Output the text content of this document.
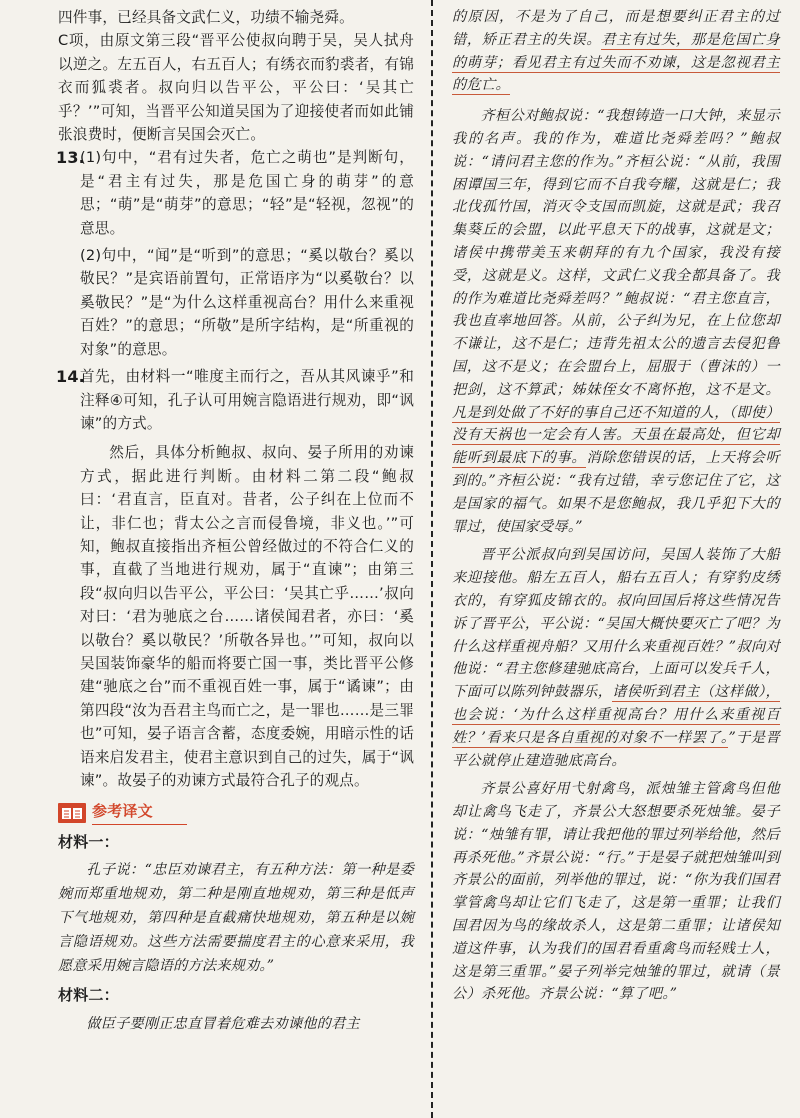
四件事，已经具备文武仁义，功绩不输尧舜。

C项，由原文第三段“晋平公使叔向聘于吴，吴人拭舟以逆之。左五百人，右五百人；有绣衣而豹裘者，有锦衣而狐裘者。叔向归以告平公，平公曰：‘吴其亡乎？’”可知，当晋平公知道吴国为了迎接使者而如此铺张浪费时，便断言吴国会灭亡。

13.

(1)句中，“君有过失者，危亡之萌也”是判断句，是“君主有过失，那是危国亡身的萌芽”的意思；“萌”是“萌芽”的意思；“轻”是“轻视，忽视”的意思。

(2)句中，“闻”是“听到”的意思；“奚以敬台？奚以敬民？”是宾语前置句，正常语序为“以奚敬台？以奚敬民？”是“为什么这样重视高台？用什么来重视百姓？”的意思；“所敬”是所字结构，是“所重视的对象”的意思。

14.

首先，由材料一“唯度主而行之，吾从其风谏乎”和注释④可知，孔子认可用婉言隐语进行规劝，即“讽谏”的方式。

然后，具体分析鲍叔、叔向、晏子所用的劝谏方式，据此进行判断。由材料二第二段“鲍叔曰：‘君直言，臣直对。昔者，公子纠在上位而不让，非仁也；背太公之言而侵鲁境，非义也。’”可知，鲍叔直接指出齐桓公曾经做过的不符合仁义的事，直截了当地进行规劝，属于“直谏”；由第三段“叔向归以告平公，平公曰：‘吴其亡乎……’叔向对曰：‘君为驰底之台……诸侯闻君者，亦曰：‘奚以敬台？奚以敬民？’所敬各异也。’”可知，叔向以吴国装饰豪华的船而将要亡国一事，类比晋平公修建“驰底之台”而不重视百姓一事，属于“谲谏”；由第四段“汝为吾君主鸟而亡之，是一罪也……是三罪也”可知，晏子语言含蓄，态度委婉，用暗示性的话语来启发君主，使君主意识到自己的过失，属于“讽谏”。故晏子的劝谏方式最符合孔子的观点。

参考译文
材料一：

孔子说：“忠臣劝谏君主，有五种方法：第一种是委婉而郑重地规劝，第二种是刚直地规劝，第三种是低声下气地规劝，第四种是直截痛快地规劝，第五种是以婉言隐语规劝。这些方法需要揣度君主的心意来采用，我愿意采用婉言隐语的方法来规劝。”

材料二：

做臣子要刚正忠直冒着危难去劝谏他的君主

的原因，不是为了自己，而是想要纠正君主的过错，矫正君主的失误。君主有过失，那是危国亡身的萌芽；看见君主有过失而不劝谏，这是忽视君主的危亡。

齐桓公对鲍叔说：“我想铸造一口大钟，来显示我的名声。我的作为，难道比尧舜差吗？”鲍叔说：“请问君主您的作为。”齐桓公说：“从前，我围困谭国三年，得到它而不自我夸耀，这就是仁；我北伐孤竹国，消灭令支国而凯旋，这就是武；我召集葵丘的会盟，以此平息天下的战事，这就是文；诸侯中携带美玉来朝拜的有九个国家，我没有接受，这就是义。这样，文武仁义我全都具备了。我的作为难道比尧舜差吗？”鲍叔说：“君主您直言，我也直率地回答。从前，公子纠为兄，在上位您却不谦让，这不是仁；违背先祖太公的遗言去侵犯鲁国，这不是义；在会盟台上，屈服于（曹沫的）一把剑，这不算武；姊妹侄女不离怀抱，这不是文。凡是到处做了不好的事自己还不知道的人，（即使）没有天祸也一定会有人害。天虽在最高处，但它却能听到最底下的事。消除您错误的话，上天将会听到的。”齐桓公说：“我有过错，幸亏您记住了它，这是国家的福气。如果不是您鲍叔，我几乎犯下大的罪过，使国家受辱。”

晋平公派叔向到吴国访问，吴国人装饰了大船来迎接他。船左五百人，船右五百人；有穿豹皮绣衣的，有穿狐皮锦衣的。叔向回国后将这些情况告诉了晋平公，平公说：“吴国大概快要灭亡了吧？为什么这样重视舟船？又用什么来重视百姓？”叔向对他说：“君主您修建驰底高台，上面可以发兵千人，下面可以陈列钟鼓器乐，诸侯听到君主（这样做），也会说：‘为什么这样重视高台？用什么来重视百姓？’看来只是各自重视的对象不一样罢了。”于是晋平公就停止建造驰底高台。

齐景公喜好用弋射禽鸟，派烛雏主管禽鸟但他却让禽鸟飞走了，齐景公大怒想要杀死烛雏。晏子说：“烛雏有罪，请让我把他的罪过列举给他，然后再杀死他。”齐景公说：“行。”于是晏子就把烛雏叫到齐景公的面前，列举他的罪过，说：“你为我们国君掌管禽鸟却让它们飞走了，这是第一重罪；让我们国君因为鸟的缘故杀人，这是第二重罪；让诸侯知道这件事，认为我们的国君看重禽鸟而轻贱士人，这是第三重罪。”晏子列举完烛雏的罪过，就请（景公）杀死他。齐景公说：“算了吧。”
